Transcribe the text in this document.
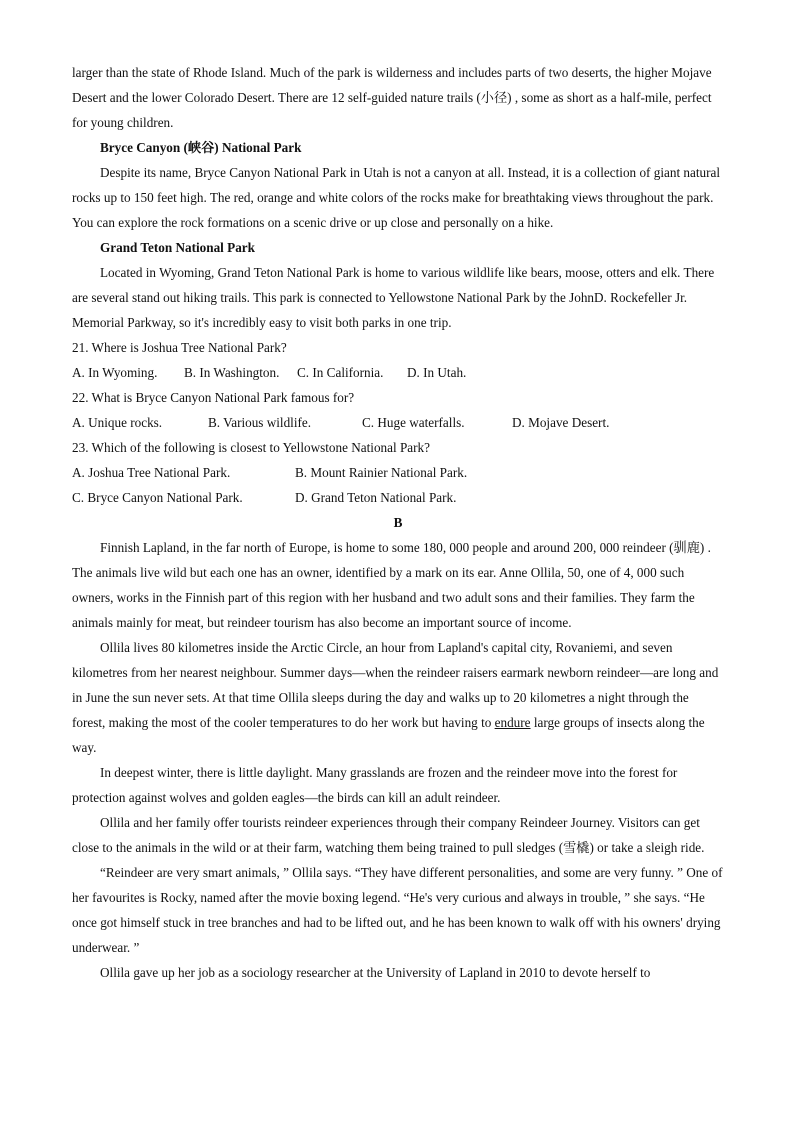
larger than the state of Rhode Island. Much of the park is wilderness and includes parts of two deserts, the higher Mojave Desert and the lower Colorado Desert. There are 12 self-guided nature trails (小径) , some as short as a half-mile, perfect for young children.

Bryce Canyon (峡谷) National Park

Despite its name, Bryce Canyon National Park in Utah is not a canyon at all. Instead, it is a collection of giant natural rocks up to 150 feet high. The red, orange and white colors of the rocks make for breathtaking views throughout the park. You can explore the rock formations on a scenic drive or up close and personally on a hike.

Grand Teton National Park

Located in Wyoming, Grand Teton National Park is home to various wildlife like bears, moose, otters and elk. There are several stand out hiking trails. This park is connected to Yellowstone National Park by the JohnD. Rockefeller Jr. Memorial Parkway, so it's incredibly easy to visit both parks in one trip.

21. Where is Joshua Tree National Park?

A. In Wyoming. B. In Washington. C. In California. D. In Utah.

22. What is Bryce Canyon National Park famous for?

A. Unique rocks.	B. Various wildlife.	C. Huge waterfalls.	D. Mojave Desert.

23. Which of the following is closest to Yellowstone National Park?

A. Joshua Tree National Park.	B. Mount Rainier National Park.

C. Bryce Canyon National Park.	D. Grand Teton National Park.

B

Finnish Lapland, in the far north of Europe, is home to some 180, 000 people and around 200, 000 reindeer (驯鹿) . The animals live wild but each one has an owner, identified by a mark on its ear. Anne Ollila, 50, one of 4, 000 such owners, works in the Finnish part of this region with her husband and two adult sons and their families. They farm the animals mainly for meat, but reindeer tourism has also become an important source of income.

Ollila lives 80 kilometres inside the Arctic Circle, an hour from Lapland's capital city, Rovaniemi, and seven kilometres from her nearest neighbour. Summer days—when the reindeer raisers earmark newborn reindeer—are long and in June the sun never sets. At that time Ollila sleeps during the day and walks up to 20 kilometres a night through the forest, making the most of the cooler temperatures to do her work but having to endure large groups of insects along the way.

In deepest winter, there is little daylight. Many grasslands are frozen and the reindeer move into the forest for protection against wolves and golden eagles—the birds can kill an adult reindeer.

Ollila and her family offer tourists reindeer experiences through their company Reindeer Journey. Visitors can get close to the animals in the wild or at their farm, watching them being trained to pull sledges (雪橇) or take a sleigh ride.

“Reindeer are very smart animals, ” Ollila says. “They have different personalities, and some are very funny. ” One of her favourites is Rocky, named after the movie boxing legend. “He's very curious and always in trouble, ” she says. “He once got himself stuck in tree branches and had to be lifted out, and he has been known to walk off with his owners' drying underwear. ”

Ollila gave up her job as a sociology researcher at the University of Lapland in 2010 to devote herself to
